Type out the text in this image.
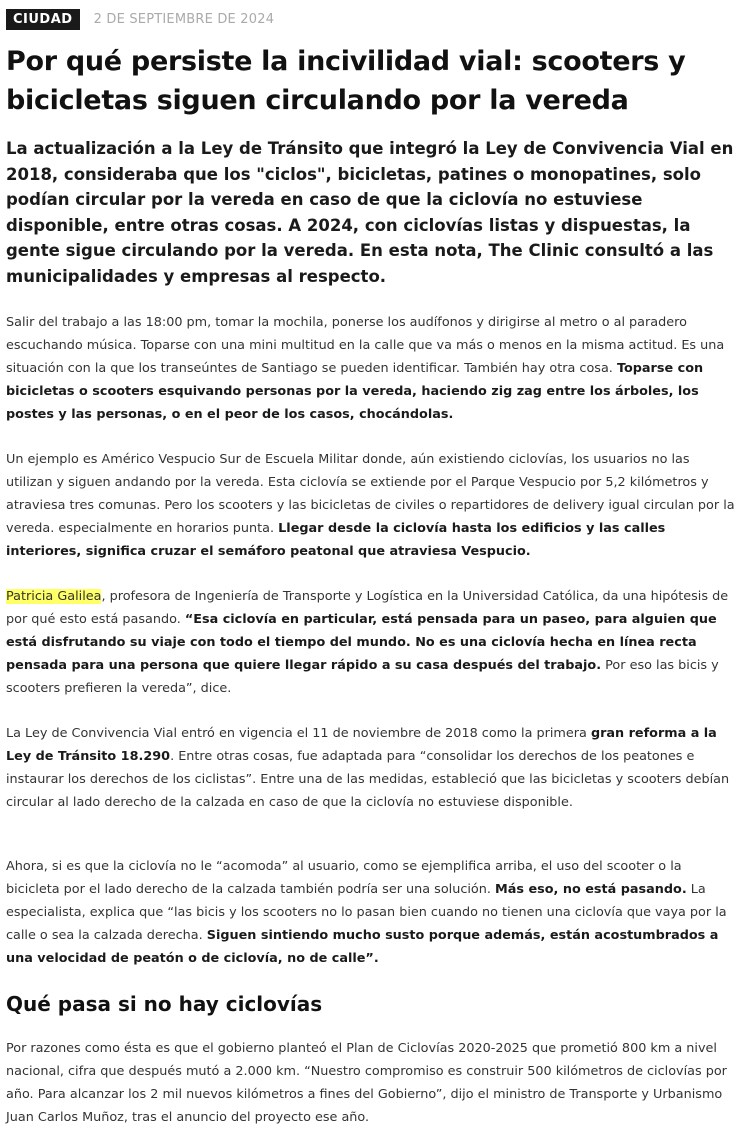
CIUDAD	2 DE SEPTIEMBRE DE 2024
Por qué persiste la incivilidad vial: scooters y bicicletas siguen circulando por la vereda

La actualización a la Ley de Tránsito que integró la Ley de Convivencia Vial en 2018, consideraba que los "ciclos", bicicletas, patines o monopatines, solo podían circular por la vereda en caso de que la ciclovía no estuviese disponible, entre otras cosas. A 2024, con ciclovías listas y dispuestas, la gente sigue circulando por la vereda. En esta nota, The Clinic consultó a las municipalidades y empresas al respecto.

Salir del trabajo a las 18:00 pm, tomar la mochila, ponerse los audífonos y dirigirse al metro o al paradero escuchando música. Toparse con una mini multitud en la calle que va más o menos en la misma actitud. Es una situación con la que los transeúntes de Santiago se pueden identificar. También hay otra cosa. Toparse con bicicletas o scooters esquivando personas por la vereda, haciendo zig zag entre los árboles, los postes y las personas, o en el peor de los casos, chocándolas.

Un ejemplo es Américo Vespucio Sur de Escuela Militar donde, aún existiendo ciclovías, los usuarios no las utilizan y siguen andando por la vereda. Esta ciclovía se extiende por el Parque Vespucio por 5,2 kilómetros y atraviesa tres comunas. Pero los scooters y las bicicletas de civiles o repartidores de delivery igual circulan por la vereda. especialmente en horarios punta. Llegar desde la ciclovía hasta los edificios y las calles interiores, significa cruzar el semáforo peatonal que atraviesa Vespucio.

Patricia Galilea, profesora de Ingeniería de Transporte y Logística en la Universidad Católica, da una hipótesis de por qué esto está pasando. “Esa ciclovía en particular, está pensada para un paseo, para alguien que está disfrutando su viaje con todo el tiempo del mundo. No es una ciclovía hecha en línea recta pensada para una persona que quiere llegar rápido a su casa después del trabajo. Por eso las bicis y scooters prefieren la vereda”, dice.

La Ley de Convivencia Vial entró en vigencia el 11 de noviembre de 2018 como la primera gran reforma a la Ley de Tránsito 18.290. Entre otras cosas, fue adaptada para “consolidar los derechos de los peatones e instaurar los derechos de los ciclistas”. Entre una de las medidas, estableció que las bicicletas y scooters debían circular al lado derecho de la calzada en caso de que la ciclovía no estuviese disponible.

Ahora, si es que la ciclovía no le “acomoda” al usuario, como se ejemplifica arriba, el uso del scooter o la bicicleta por el lado derecho de la calzada también podría ser una solución. Más eso, no está pasando. La especialista, explica que “las bicis y los scooters no lo pasan bien cuando no tienen una ciclovía que vaya por la calle o sea la calzada derecha. Siguen sintiendo mucho susto porque además, están acostumbrados a una velocidad de peatón o de ciclovía, no de calle”.

Qué pasa si no hay ciclovías

Por razones como ésta es que el gobierno planteó el Plan de Ciclovías 2020-2025 que prometió 800 km a nivel nacional, cifra que después mutó a 2.000 km. “Nuestro compromiso es construir 500 kilómetros de ciclovías por año. Para alcanzar los 2 mil nuevos kilómetros a fines del Gobierno”, dijo el ministro de Transporte y Urbanismo Juan Carlos Muñoz, tras el anuncio del proyecto ese año.
